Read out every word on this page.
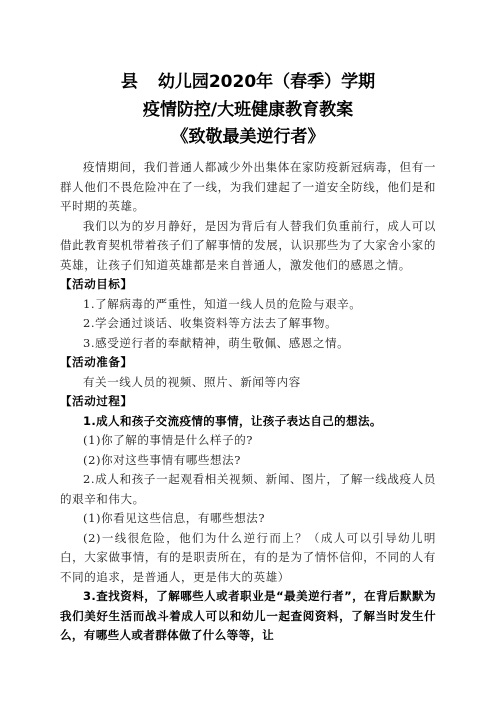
县 幼儿园2020年（春季）学期
疫情防控/大班健康教育教案
《致敬最美逆行者》

疫情期间，我们普通人都减少外出集体在家防疫新冠病毒，但有一群人他们不畏危险冲在了一线，为我们建起了一道安全防线，他们是和平时期的英雄。

我们以为的岁月静好，是因为背后有人替我们负重前行，成人可以借此教育契机带着孩子们了解事情的发展，认识那些为了大家舍小家的英雄，让孩子们知道英雄都是来自普通人，激发他们的感恩之情。

【活动目标】

1.了解病毒的严重性，知道一线人员的危险与艰辛。

2.学会通过谈话、收集资料等方法去了解事物。

3.感受逆行者的奉献精神，萌生敬佩、感恩之情。

【活动准备】

有关一线人员的视频、照片、新闻等内容

【活动过程】

1.成人和孩子交流疫情的事情，让孩子表达自己的想法。

(1)你了解的事情是什么样子的?

(2)你对这些事情有哪些想法?

2.成人和孩子一起观看相关视频、新闻、图片，了解一线战疫人员的艰辛和伟大。

(1)你看见这些信息，有哪些想法?

(2)一线很危险，他们为什么逆行而上？（成人可以引导幼儿明白，大家做事情，有的是职责所在，有的是为了情怀信仰，不同的人有不同的追求，是普通人，更是伟大的英雄）

3.查找资料，了解哪些人或者职业是“最美逆行者”，在背后默默为我们美好生活而战斗着成人可以和幼儿一起查阅资料，了解当时发生什么，有哪些人或者群体做了什么等等，让
